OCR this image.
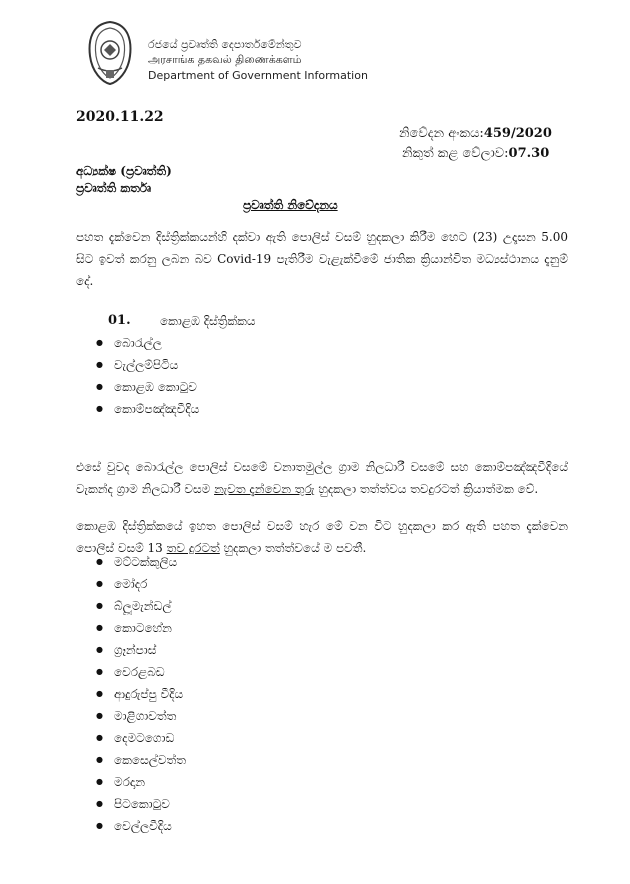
රජයේ ප්‍රවෘත්ති දෙපාර්තමේන්තුව
அரசாங்க தகவல் திணைக்களம்
Department of Government Information
2020.11.22
නිවේදන අංකය:459/2020
නිකුත් කළ වේලාව:07.30
අධ්‍යක්ෂ (ප්‍රවෘත්ති)
ප්‍රවෘත්ති කර්තෘ
ප්‍රවෘත්ති නිවේදනය
පහත දැක්වෙන දිස්ත්‍රික්කයන්හි දක්වා ඇති පොලිස් වසම් හුදකලා කිරීම හෙට (23) උදෑසන 5.00 සිට ඉවත් කරනු ලබන බව Covid-19 පැතිරීම වැළැක්වීමේ ජාතික ක්‍රියාන්විත මධ්‍යස්ථානය දැනුම් දේ.
01. කොළඹ දිස්ත්‍රික්කය
● බොරැල්ල
● වැල්ලම්පිටිය
● කොළඹ කොටුව
● කොම්පඤ්ඤවීදිය
එසේ වුවද බොරැල්ල පොලිස් වසමේ වනාතමුල්ල ග්‍රාම නිලධාරී වසමේ සහ කොම්පඤ්ඤවීදියේ වැකන්ද ග්‍රාම නිලධාරී වසම නැවත දැන්වෙන තුරු හුදකලා තත්ත්වය තවදුරටත් ක්‍රියාත්මක වේ.
කොළඹ දිස්ත්‍රික්කයේ ඉහත පොලිස් වසම් හැර මේ වන විට හුදකලා කර ඇති පහත දැක්වෙන පොලිස් වසම් 13 තව දුරටත් හුදකලා තත්ත්වයේ ම පවතී.
● මට්ටක්කුලිය
● මෝදර
● බ්ලූමැන්ඩල්
● කොටහේන
● ග්‍රෑන්පාස්
● වෙරළබඩ
● ආදුරුප්පු වීදිය
● මාළිගාවත්ත
● දෙමටගොඩ
● කෙසෙල්වත්ත
● මරදාන
● පිටකොටුව
● වෙල්ලවීදිය
